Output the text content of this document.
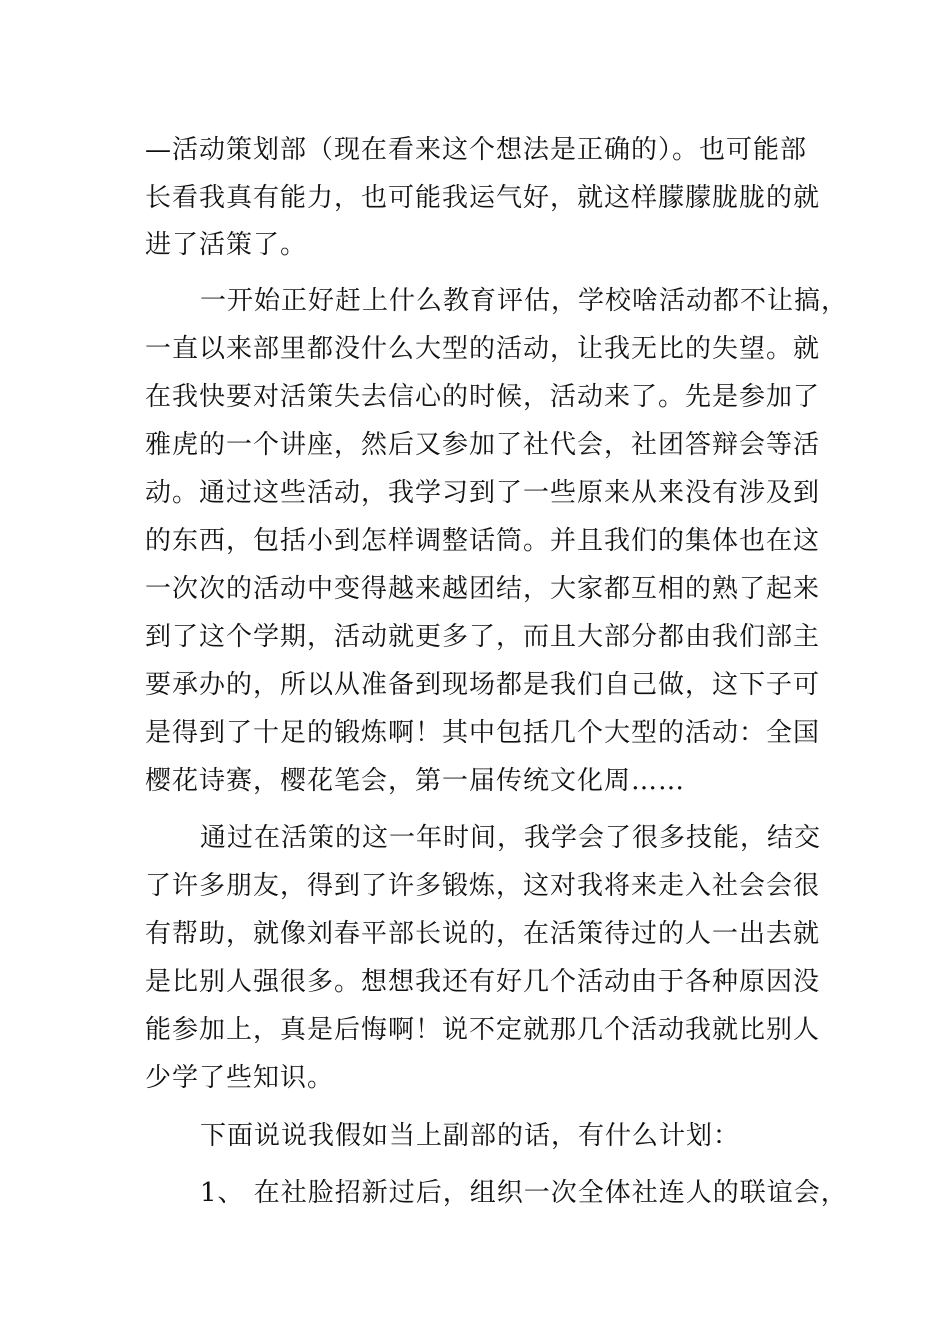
—活动策划部（现在看来这个想法是正确的）。也可能部
长看我真有能力，也可能我运气好，就这样朦朦胧胧的就
进了活策了。
一开始正好赶上什么教育评估，学校啥活动都不让搞，
一直以来部里都没什么大型的活动，让我无比的失望。就
在我快要对活策失去信心的时候，活动来了。先是参加了
雅虎的一个讲座，然后又参加了社代会，社团答辩会等活
动。通过这些活动，我学习到了一些原来从来没有涉及到
的东西，包括小到怎样调整话筒。并且我们的集体也在这
一次次的活动中变得越来越团结，大家都互相的熟了起来
到了这个学期，活动就更多了，而且大部分都由我们部主
要承办的，所以从准备到现场都是我们自己做，这下子可
是得到了十足的锻炼啊！其中包括几个大型的活动：全国
樱花诗赛，樱花笔会，第一届传统文化周……
通过在活策的这一年时间，我学会了很多技能，结交
了许多朋友，得到了许多锻炼，这对我将来走入社会会很
有帮助，就像刘春平部长说的，在活策待过的人一出去就
是比别人强很多。想想我还有好几个活动由于各种原因没
能参加上，真是后悔啊！说不定就那几个活动我就比别人
少学了些知识。
下面说说我假如当上副部的话，有什么计划：
1、 在社脸招新过后，组织一次全体社连人的联谊会，
